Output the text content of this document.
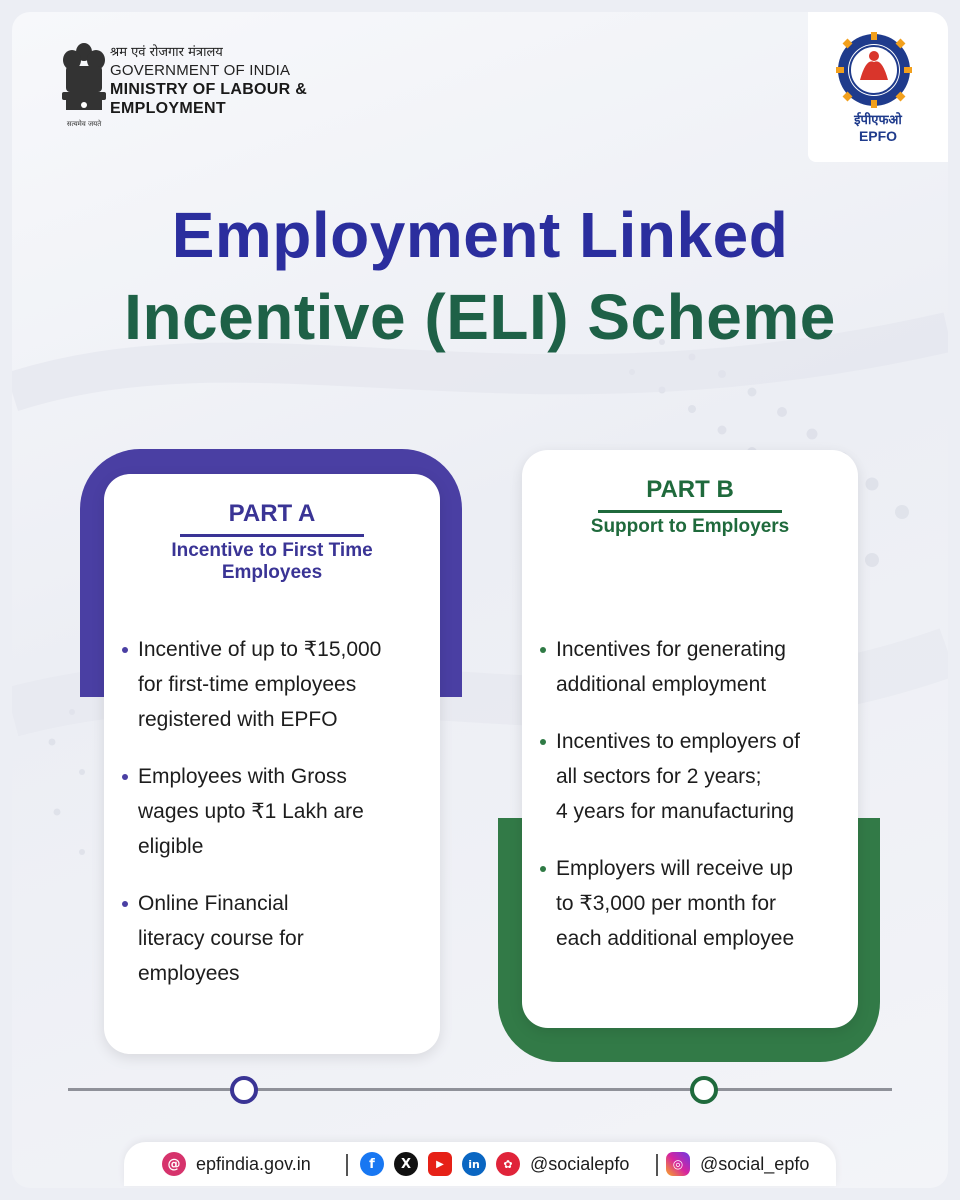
सत्यमेव जयते
श्रम एवं रोजगार मंत्रालय
GOVERNMENT OF INDIA
MINISTRY OF LABOUR &
EMPLOYMENT
ईपीएफओ
EPFO
Employment Linked
Incentive (ELI) Scheme
PART A
Incentive to First Time
Employees
Incentive of up to ₹15,000
for first-time employees
registered with EPFO
Employees with Gross
wages upto ₹1 Lakh are
eligible
Online Financial
literacy course for
employees
PART B
Support to Employers
Incentives for generating
additional employment
Incentives to employers of
all sectors for 2 years;
4 years for manufacturing
Employers will receive up
to ₹3,000 per month for
each additional employee
@ epfindia.gov.in	f	X	▶	in	✿ @socialepfo	◎ @social_epfo
